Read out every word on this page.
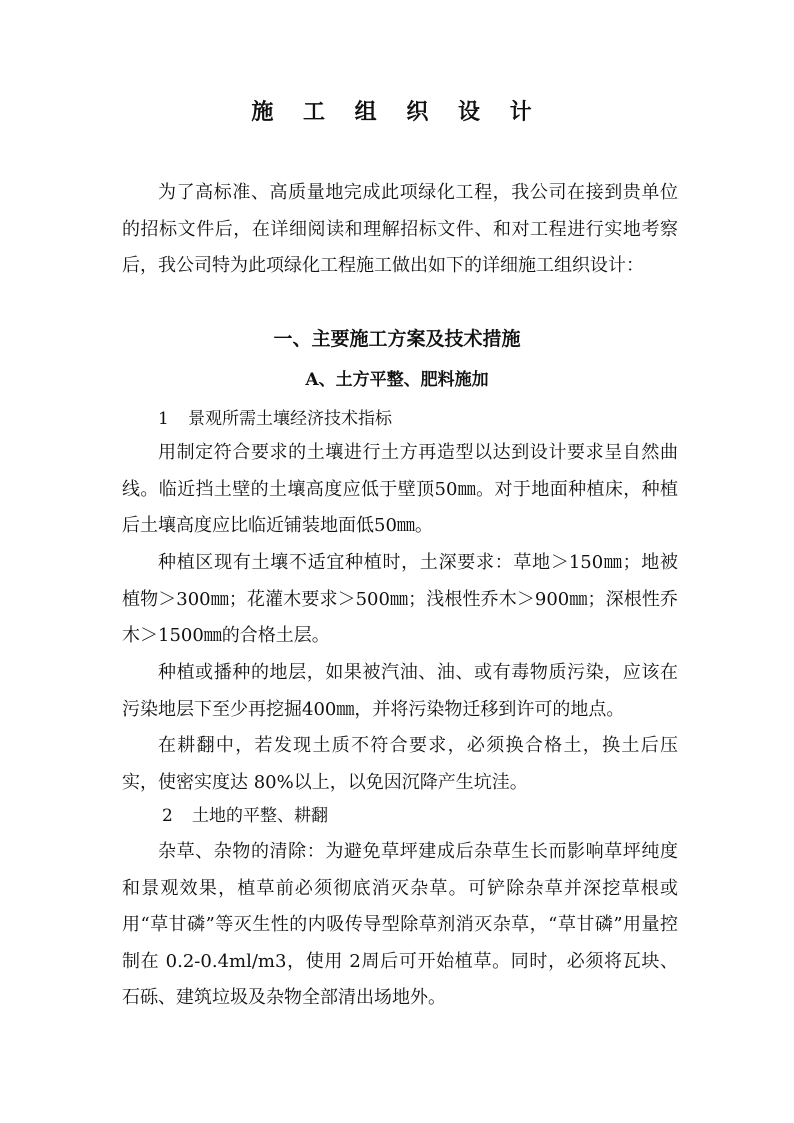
施 工 组 织 设 计

为了高标准、高质量地完成此项绿化工程，我公司在接到贵单位的招标文件后，在详细阅读和理解招标文件、和对工程进行实地考察后，我公司特为此项绿化工程施工做出如下的详细施工组织设计：

一、主要施工方案及技术措施
A、土方平整、肥料施加
1 景观所需土壤经济技术指标

用制定符合要求的土壤进行土方再造型以达到设计要求呈自然曲线。临近挡土壁的土壤高度应低于壁顶50㎜。对于地面种植床，种植后土壤高度应比临近铺装地面低50㎜。

种植区现有土壤不适宜种植时，土深要求：草地＞150㎜；地被植物＞300㎜；花灌木要求＞500㎜；浅根性乔木＞900㎜；深根性乔木＞1500㎜的合格土层。

种植或播种的地层，如果被汽油、油、或有毒物质污染，应该在污染地层下至少再挖掘400㎜，并将污染物迁移到许可的地点。

在耕翻中，若发现土质不符合要求，必须换合格土，换土后压实，使密实度达 80%以上，以免因沉降产生坑洼。

2 土地的平整、耕翻

杂草、杂物的清除：为避免草坪建成后杂草生长而影响草坪纯度和景观效果，植草前必须彻底消灭杂草。可铲除杂草并深挖草根或用“草甘磷”等灭生性的内吸传导型除草剂消灭杂草，“草甘磷”用量控制在 0.2-0.4ml/m3，使用 2周后可开始植草。同时，必须将瓦块、石砾、建筑垃圾及杂物全部清出场地外。
